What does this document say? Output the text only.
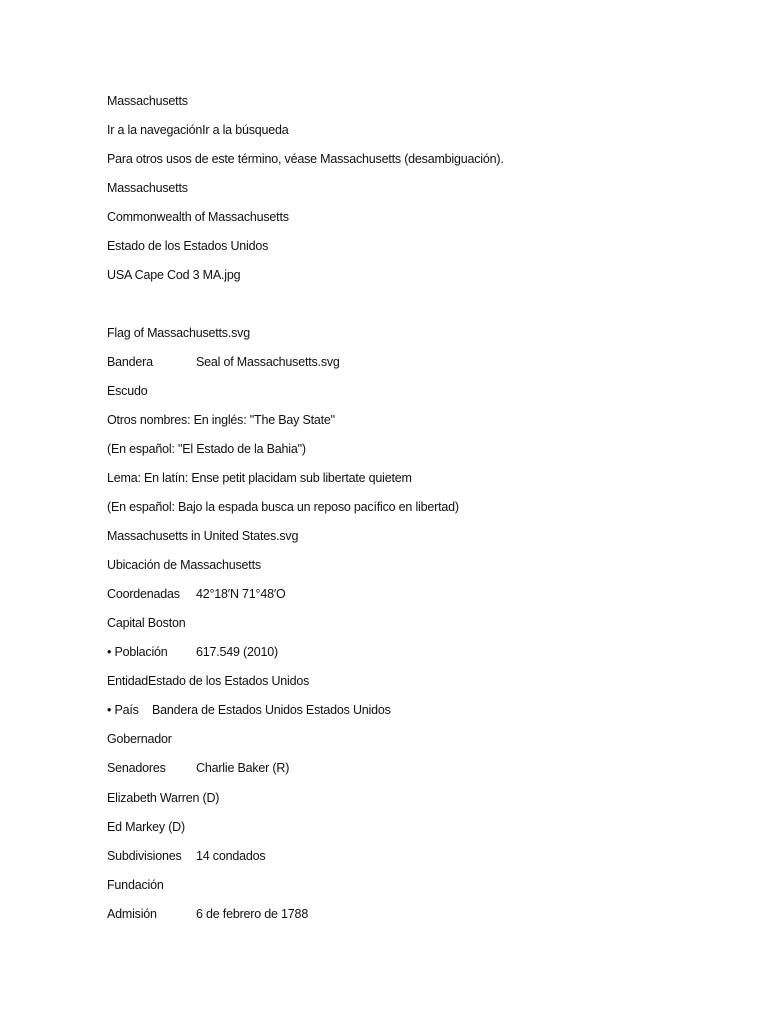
Massachusetts
Ir a la navegaciónIr a la búsqueda
Para otros usos de este término, véase Massachusetts (desambiguación).
Massachusetts
Commonwealth of Massachusetts
Estado de los Estados Unidos
USA Cape Cod 3 MA.jpg
Flag of Massachusetts.svg
Bandera	Seal of Massachusetts.svg
Escudo
Otros nombres: En inglés: "The Bay State"
(En español: "El Estado de la Bahia")
Lema: En latín: Ense petit placidam sub libertate quietem
(En español: Bajo la espada busca un reposo pacífico en libertad)
Massachusetts in United States.svg
Ubicación de Massachusetts
Coordenadas 42°18′N 71°48′O
Capital Boston
• Población 617.549 (2010)
EntidadEstado de los Estados Unidos
• País Bandera de Estados Unidos Estados Unidos
Gobernador
Senadores Charlie Baker (R)
Elizabeth Warren (D)
Ed Markey (D)
Subdivisiones 14 condados
Fundación
Admisión	6 de febrero de 1788
